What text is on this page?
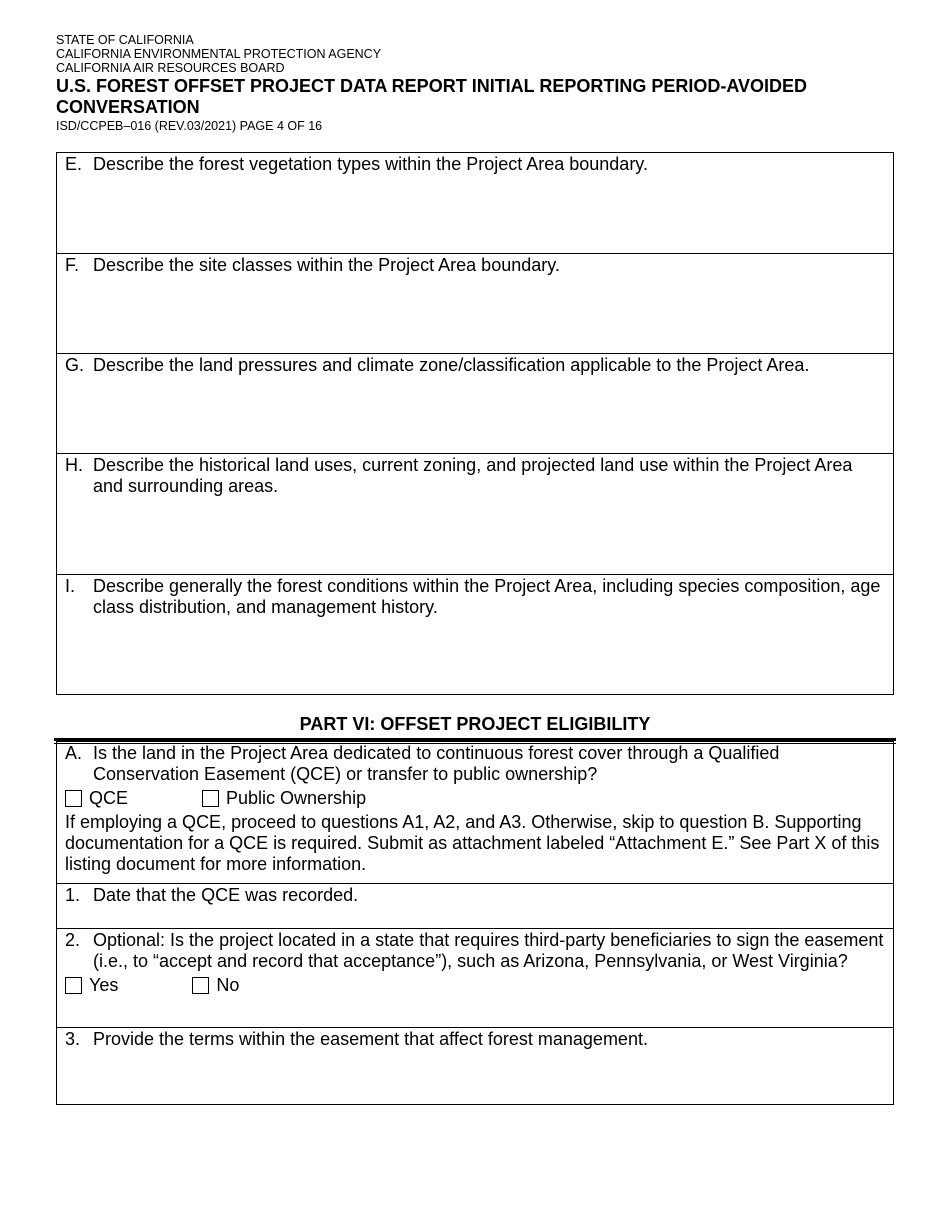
STATE OF CALIFORNIA
CALIFORNIA ENVIRONMENTAL PROTECTION AGENCY
CALIFORNIA AIR RESOURCES BOARD
U.S. FOREST OFFSET PROJECT DATA REPORT INITIAL REPORTING PERIOD-AVOIDED CONVERSATION
ISD/CCPEB–016 (REV.03/2021) PAGE 4 OF 16
E. Describe the forest vegetation types within the Project Area boundary.
F. Describe the site classes within the Project Area boundary.
G. Describe the land pressures and climate zone/classification applicable to the Project Area.
H. Describe the historical land uses, current zoning, and projected land use within the Project Area and surrounding areas.
I. Describe generally the forest conditions within the Project Area, including species composition, age class distribution, and management history.
PART VI: OFFSET PROJECT ELIGIBILITY
A. Is the land in the Project Area dedicated to continuous forest cover through a Qualified Conservation Easement (QCE) or transfer to public ownership?
QCE	Public Ownership
If employing a QCE, proceed to questions A1, A2, and A3. Otherwise, skip to question B. Supporting documentation for a QCE is required. Submit as attachment labeled “Attachment E.” See Part X of this listing document for more information.
1. Date that the QCE was recorded.
2. Optional: Is the project located in a state that requires third-party beneficiaries to sign the easement (i.e., to “accept and record that acceptance”), such as Arizona, Pennsylvania, or West Virginia?
Yes	No
3. Provide the terms within the easement that affect forest management.
